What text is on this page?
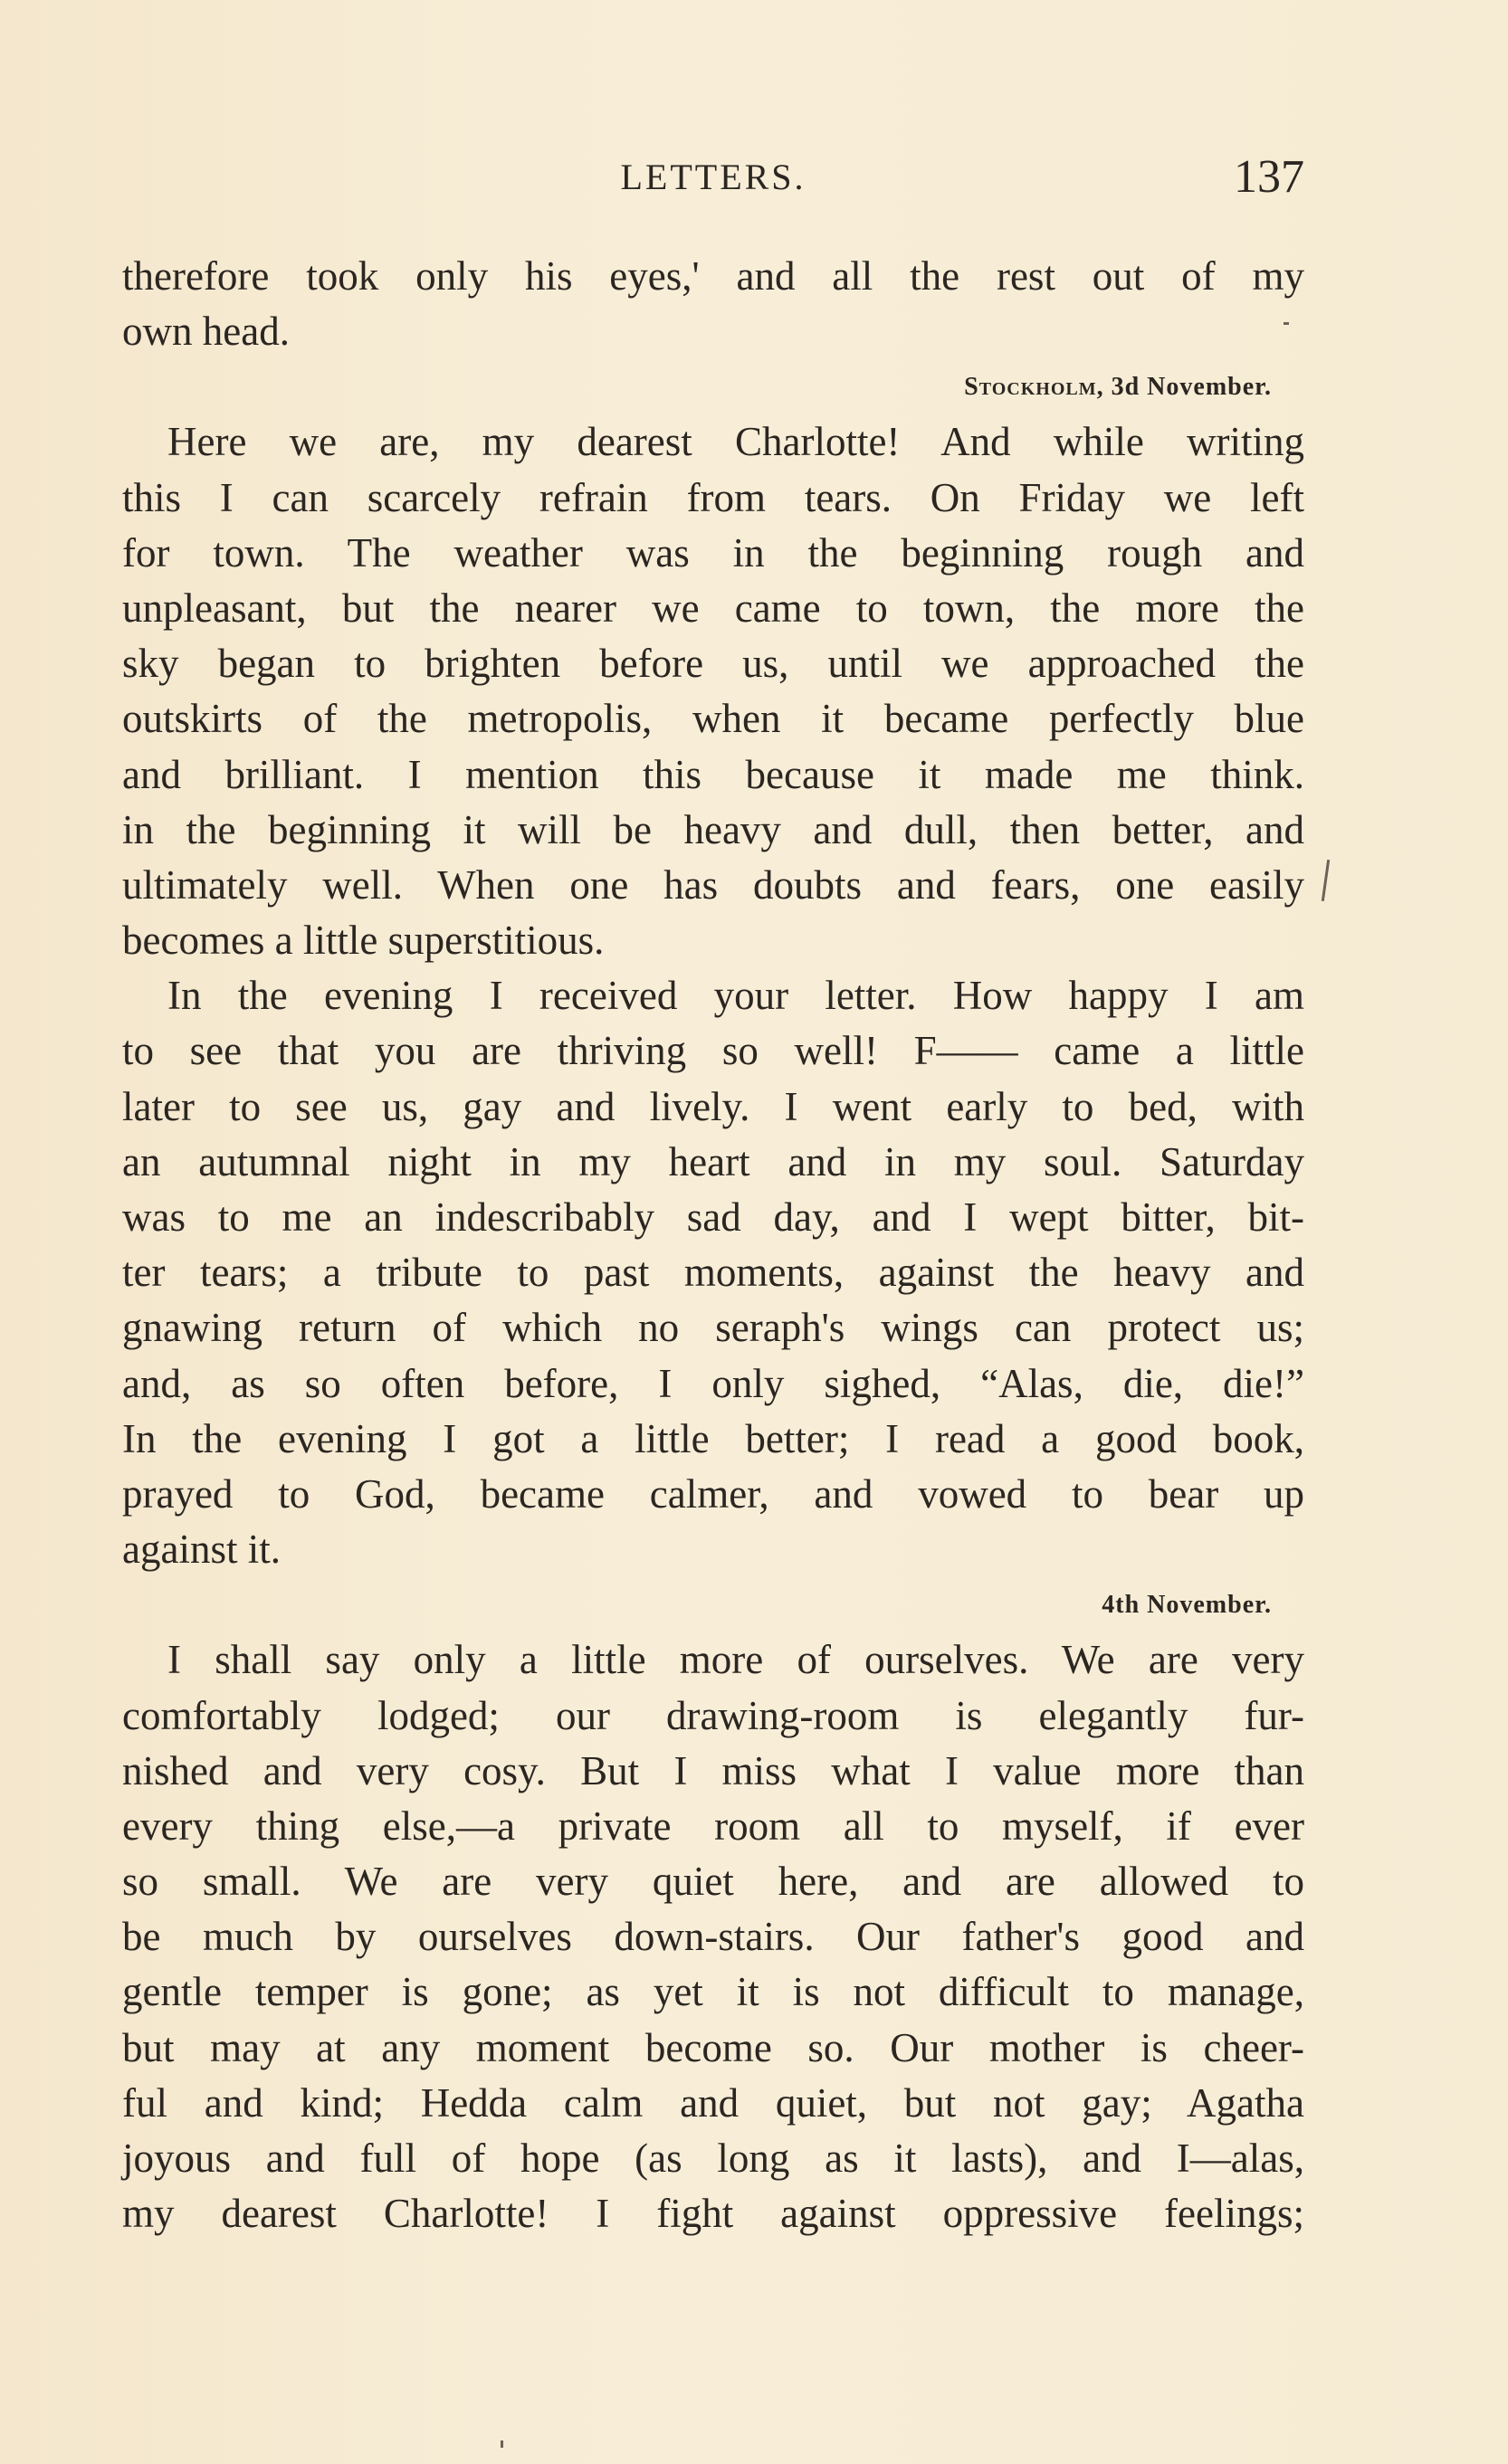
LETTERS.	137
therefore took only his eyes,' and all the rest out of my
own head.
Stockholm, 3d November.
Here we are, my dearest Charlotte! And while writing
this I can scarcely refrain from tears. On Friday we left
for town. The weather was in the beginning rough and
unpleasant, but the nearer we came to town, the more the
sky began to brighten before us, until we approached the
outskirts of the metropolis, when it became perfectly blue
and brilliant. I mention this because it made me think.
in the beginning it will be heavy and dull, then better, and
ultimately well. When one has doubts and fears, one easily
becomes a little superstitious.
In the evening I received your letter. How happy I am
to see that you are thriving so well! F—— came a little
later to see us, gay and lively. I went early to bed, with
an autumnal night in my heart and in my soul. Saturday
was to me an indescribably sad day, and I wept bitter, bit-
ter tears; a tribute to past moments, against the heavy and
gnawing return of which no seraph's wings can protect us;
and, as so often before, I only sighed, “Alas, die, die!”
In the evening I got a little better; I read a good book,
prayed to God, became calmer, and vowed to bear up
against it.
4th November.
I shall say only a little more of ourselves. We are very
comfortably lodged; our drawing-room is elegantly fur-
nished and very cosy. But I miss what I value more than
every thing else,—a private room all to myself, if ever
so small. We are very quiet here, and are allowed to
be much by ourselves down-stairs. Our father's good and
gentle temper is gone; as yet it is not difficult to manage,
but may at any moment become so. Our mother is cheer-
ful and kind; Hedda calm and quiet, but not gay; Agatha
joyous and full of hope (as long as it lasts), and I—alas,
my dearest Charlotte! I fight against oppressive feelings;
